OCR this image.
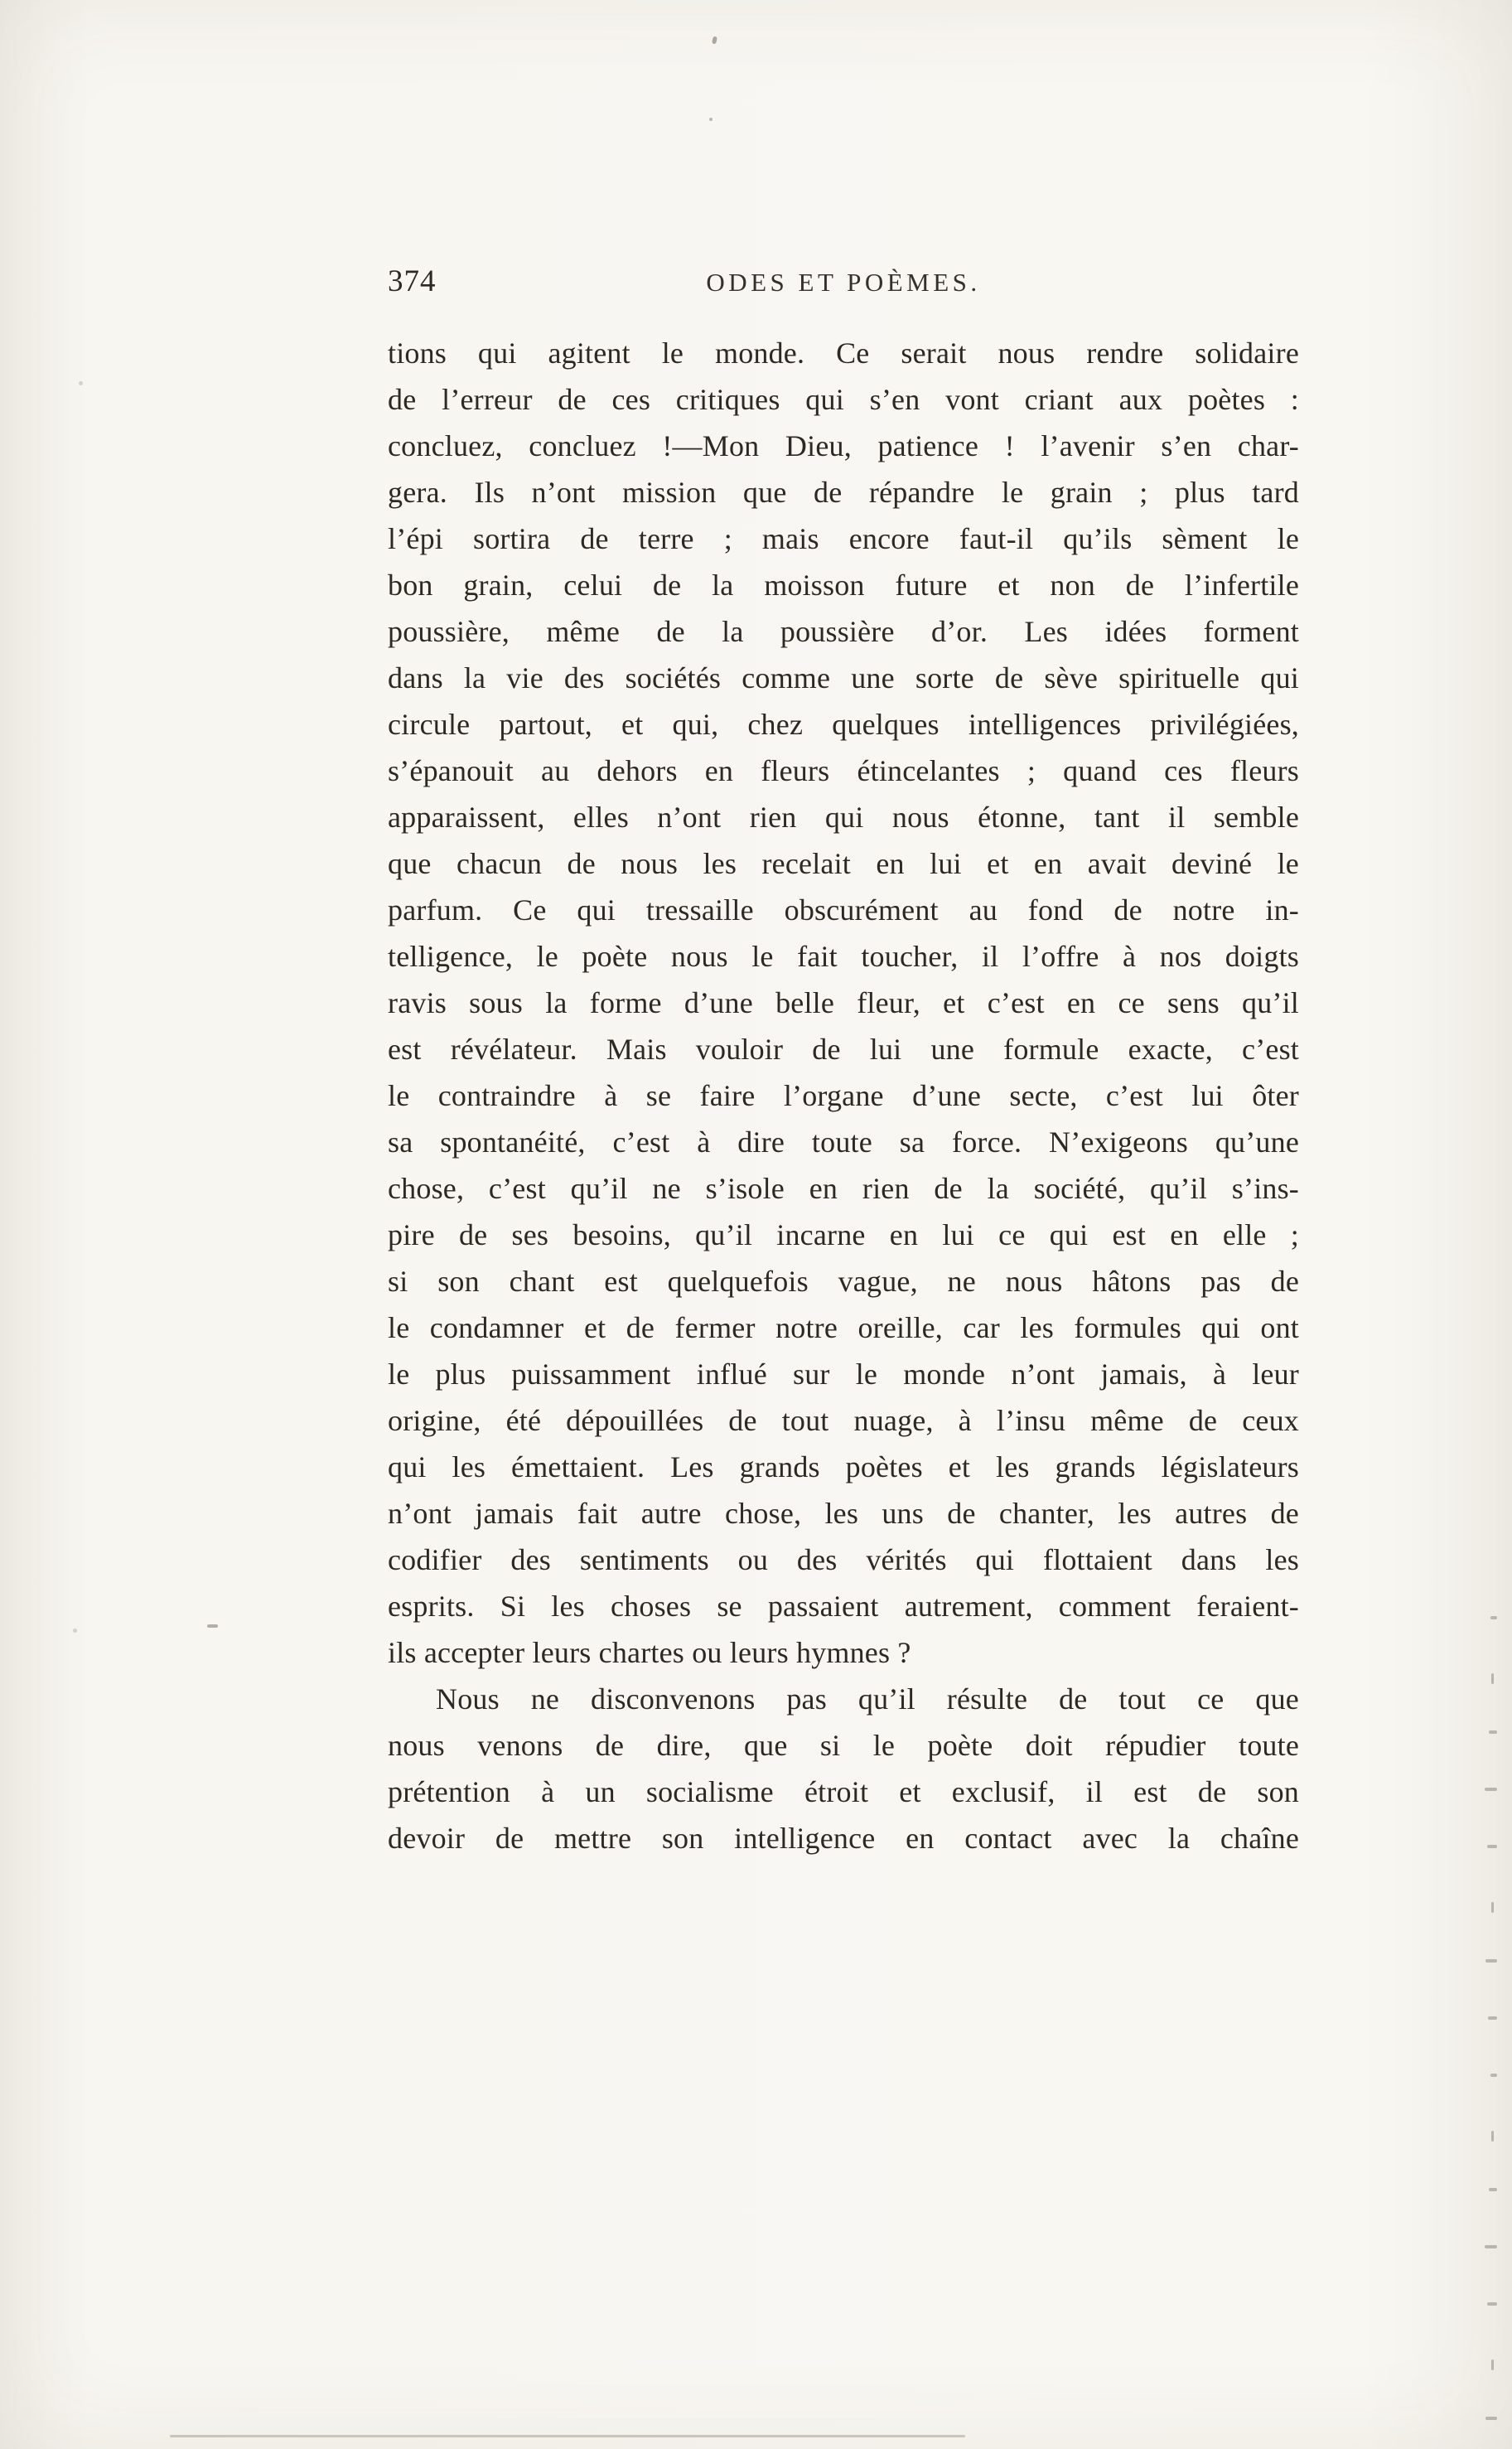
374	ODES ET POÈMES.
tions qui agitent le monde. Ce serait nous rendre solidaire
de l’erreur de ces critiques qui s’en vont criant aux poètes :
concluez, concluez !—Mon Dieu, patience ! l’avenir s’en char-
gera. Ils n’ont mission que de répandre le grain ; plus tard
l’épi sortira de terre ; mais encore faut-il qu’ils sèment le
bon grain, celui de la moisson future et non de l’infertile
poussière, même de la poussière d’or. Les idées forment
dans la vie des sociétés comme une sorte de sève spirituelle qui
circule partout, et qui, chez quelques intelligences privilégiées,
s’épanouit au dehors en fleurs étincelantes ; quand ces fleurs
apparaissent, elles n’ont rien qui nous étonne, tant il semble
que chacun de nous les recelait en lui et en avait deviné le
parfum. Ce qui tressaille obscurément au fond de notre in-
telligence, le poète nous le fait toucher, il l’offre à nos doigts
ravis sous la forme d’une belle fleur, et c’est en ce sens qu’il
est révélateur. Mais vouloir de lui une formule exacte, c’est
le contraindre à se faire l’organe d’une secte, c’est lui ôter
sa spontanéité, c’est à dire toute sa force. N’exigeons qu’une
chose, c’est qu’il ne s’isole en rien de la société, qu’il s’ins-
pire de ses besoins, qu’il incarne en lui ce qui est en elle ;
si son chant est quelquefois vague, ne nous hâtons pas de
le condamner et de fermer notre oreille, car les formules qui ont
le plus puissamment influé sur le monde n’ont jamais, à leur
origine, été dépouillées de tout nuage, à l’insu même de ceux
qui les émettaient. Les grands poètes et les grands législateurs
n’ont jamais fait autre chose, les uns de chanter, les autres de
codifier des sentiments ou des vérités qui flottaient dans les
esprits. Si les choses se passaient autrement, comment feraient-
ils accepter leurs chartes ou leurs hymnes ?
Nous ne disconvenons pas qu’il résulte de tout ce que
nous venons de dire, que si le poète doit répudier toute
prétention à un socialisme étroit et exclusif, il est de son
devoir de mettre son intelligence en contact avec la chaîne
